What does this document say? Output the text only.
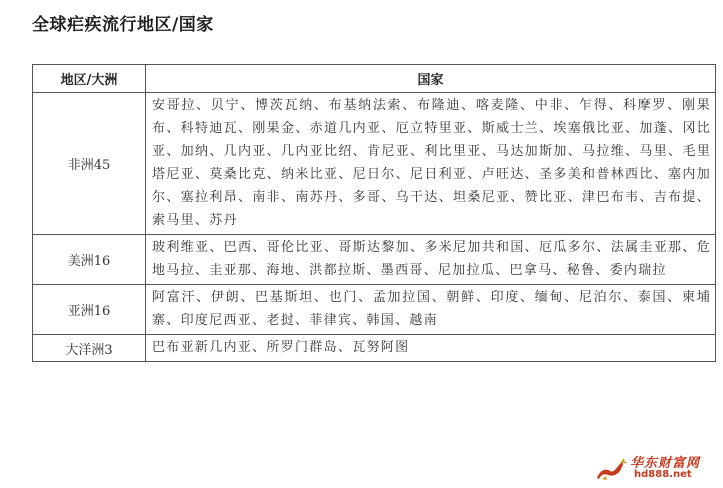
全球疟疾流行地区/国家
地区/大洲	国家
非洲45	安哥拉、贝宁、博茨瓦纳、布基纳法索、布隆迪、喀麦隆、中非、乍得、科摩罗、刚果布、科特迪瓦、刚果金、赤道几内亚、厄立特里亚、斯威士兰、埃塞俄比亚、加蓬、冈比亚、加纳、几内亚、几内亚比绍、肯尼亚、利比里亚、马达加斯加、马拉维、马里、毛里塔尼亚、莫桑比克、纳米比亚、尼日尔、尼日利亚、卢旺达、圣多美和普林西比、塞内加尔、塞拉利昂、南非、南苏丹、多哥、乌干达、坦桑尼亚、赞比亚、津巴布韦、吉布提、索马里、苏丹
美洲16	玻利维亚、巴西、哥伦比亚、哥斯达黎加、多米尼加共和国、厄瓜多尔、法属圭亚那、危地马拉、圭亚那、海地、洪都拉斯、墨西哥、尼加拉瓜、巴拿马、秘鲁、委内瑞拉
亚洲16	阿富汗、伊朗、巴基斯坦、也门、孟加拉国、朝鲜、印度、缅甸、尼泊尔、泰国、柬埔寨、印度尼西亚、老挝、菲律宾、韩国、越南
大洋洲3	巴布亚新几内亚、所罗门群岛、瓦努阿图
华东财富网
hd888.net
